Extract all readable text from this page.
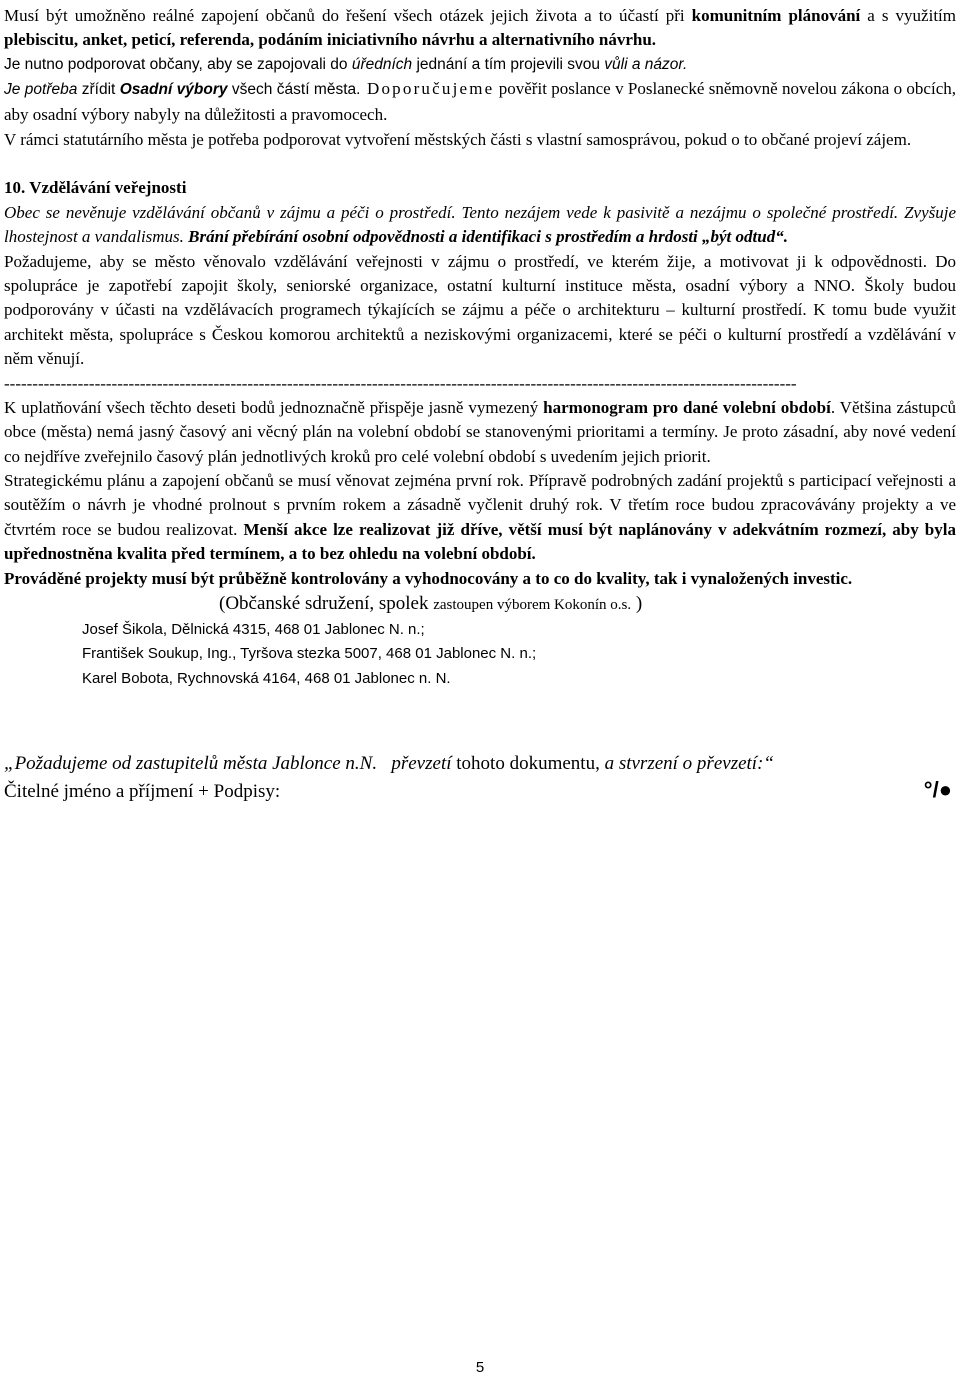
Musí být umožněno reálné zapojení občanů do řešení všech otázek jejich života a to účastí při komunitním plánování a s využitím plebiscitu, anket, peticí, referenda, podáním iniciativního návrhu a alternativního návrhu.

Je nutno podporovat občany, aby se zapojovali do úředních jednání a tím projevili svou vůli a názor.
Je potřeba zřídit Osadní výbory všech částí města. Doporučujeme pověřit poslance v Poslanecké sněmovně novelou zákona o obcích, aby osadní výbory nabyly na důležitosti a pravomocech.

V rámci statutárního města je potřeba podporovat vytvoření městských části s vlastní samosprávou, pokud o to občané projeví zájem.

10. Vzdělávání veřejnosti

Obec se nevěnuje vzdělávání občanů v zájmu a péči o prostředí. Tento nezájem vede k pasivitě a nezájmu o společné prostředí. Zvyšuje lhostejnost a vandalismus. Brání přebírání osobní odpovědnosti a identifikaci s prostředím a hrdosti „být odtud“.

Požadujeme, aby se město věnovalo vzdělávání veřejnosti v zájmu o prostředí, ve kterém žije, a motivovat ji k odpovědnosti. Do spolupráce je zapotřebí zapojit školy, seniorské organizace, ostatní kulturní instituce města, osadní výbory a NNO. Školy budou podporovány v účasti na vzdělávacích programech týkajících se zájmu a péče o architekturu – kulturní prostředí. K tomu bude využit architekt města, spolupráce s Českou komorou architektů a neziskovými organizacemi, které se péči o kulturní prostředí a vzdělávání v něm věnují.

--------------------------------------------------------------------------------------------------------------------------------------------

K uplatňování všech těchto deseti bodů jednoznačně přispěje jasně vymezený harmonogram pro dané volební období. Většina zástupců obce (města) nemá jasný časový ani věcný plán na volební období se stanovenými prioritami a termíny. Je proto zásadní, aby nové vedení co nejdříve zveřejnilo časový plán jednotlivých kroků pro celé volební období s uvedením jejich priorit.

Strategickému plánu a zapojení občanů se musí věnovat zejména první rok. Přípravě podrobných zadání projektů s participací veřejnosti a soutěžím o návrh je vhodné prolnout s prvním rokem a zásadně vyčlenit druhý rok. V třetím roce budou zpracovávány projekty a ve čtvrtém roce se budou realizovat. Menší akce lze realizovat již dříve, větší musí být naplánovány v adekvátním rozmezí, aby byla upřednostněna kvalita před termínem, a to bez ohledu na volební období.

Prováděné projekty musí být průběžně kontrolovány a vyhodnocovány a to co do kvality, tak i vynaložených investic.

(Občanské sdružení, spolek zastoupen výborem Kokonín o.s. )
Josef Šikola, Dělnická 4315, 468 01 Jablonec N. n.;
František Soukup, Ing., Tyršova stezka 5007, 468 01 Jablonec N. n.;
Karel Bobota, Rychnovská 4164, 468 01 Jablonec n. N.
„Požadujeme od zastupitelů města Jablonce n.N. převzetí tohoto dokumentu, a stvrzení o převzetí:“
Čitelné jméno a příjmení + Podpisy:	°/●
5
